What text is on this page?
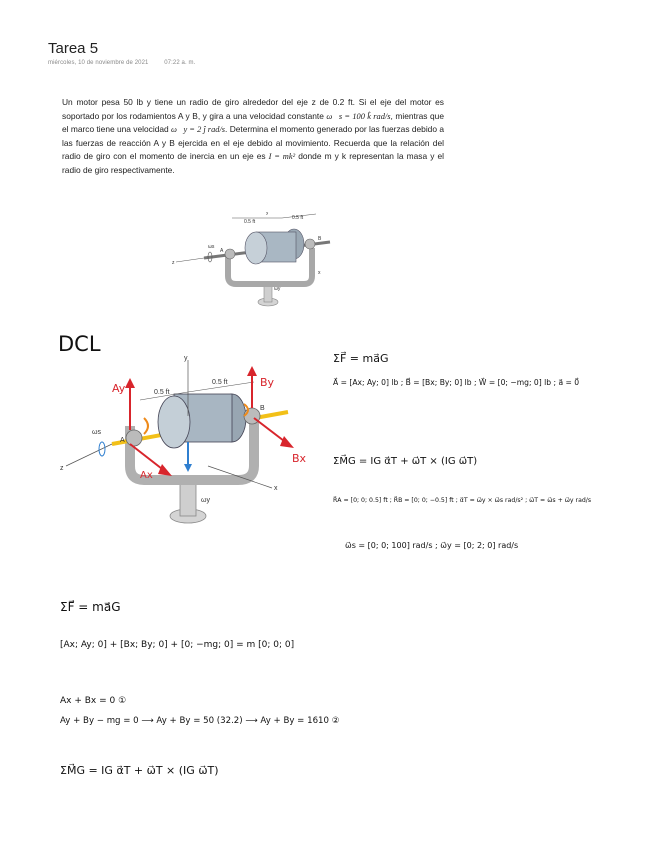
Tarea 5
miércoles, 10 de noviembre de 2021	07:22 a. m.
Un motor pesa 50 lb y tiene un radio de giro alrededor del eje z de 0.2 ft. Si el eje del motor es soportado por los rodamientos A y B, y gira a una velocidad constante ω⃗s = 100 k̂ rad/s, mientras que el marco tiene una velocidad ω⃗y = 2 ĵ rad/s. Determina el momento generado por las fuerzas debido a las fuerzas de reacción A y B ejercida en el eje debido al movimiento. Recuerda que la relación del radio de giro con el momento de inercia en un eje es I = mk² donde m y k representan la masa y el radio de giro respectivamente.
0.5 ft
0.5 ft
A
B
ωs
ωy
z
x
y
DCL
y
z
x
ωs
ωy
0.5 ft
0.5 ft
A
B
Ay	By
Bx
Ax
ΣF⃗ = ma⃗G
A⃗ = [Ax; Ay; 0] lb ; B⃗ = [Bx; By; 0] lb ; W⃗ = [0; −mg; 0] lb ; a⃗ = 0⃗
ΣM⃗G = IG α⃗T + ω⃗T × (IG ω⃗T)
R⃗A = [0; 0; 0.5] ft ; R⃗B = [0; 0; −0.5] ft ; α⃗T = ω⃗y × ω⃗s rad/s² ; ω⃗T = ω⃗s + ω⃗y rad/s
ω⃗s = [0; 0; 100] rad/s ; ω⃗y = [0; 2; 0] rad/s
ΣF⃗ = ma⃗G
[Ax; Ay; 0] + [Bx; By; 0] + [0; −mg; 0] = m [0; 0; 0]
Ax + Bx = 0 ①
Ay + By − mg = 0 ⟶ Ay + By = 50 (32.2) ⟶ Ay + By = 1610 ②
ΣM⃗G = IG α⃗T + ω⃗T × (IG ω⃗T)
